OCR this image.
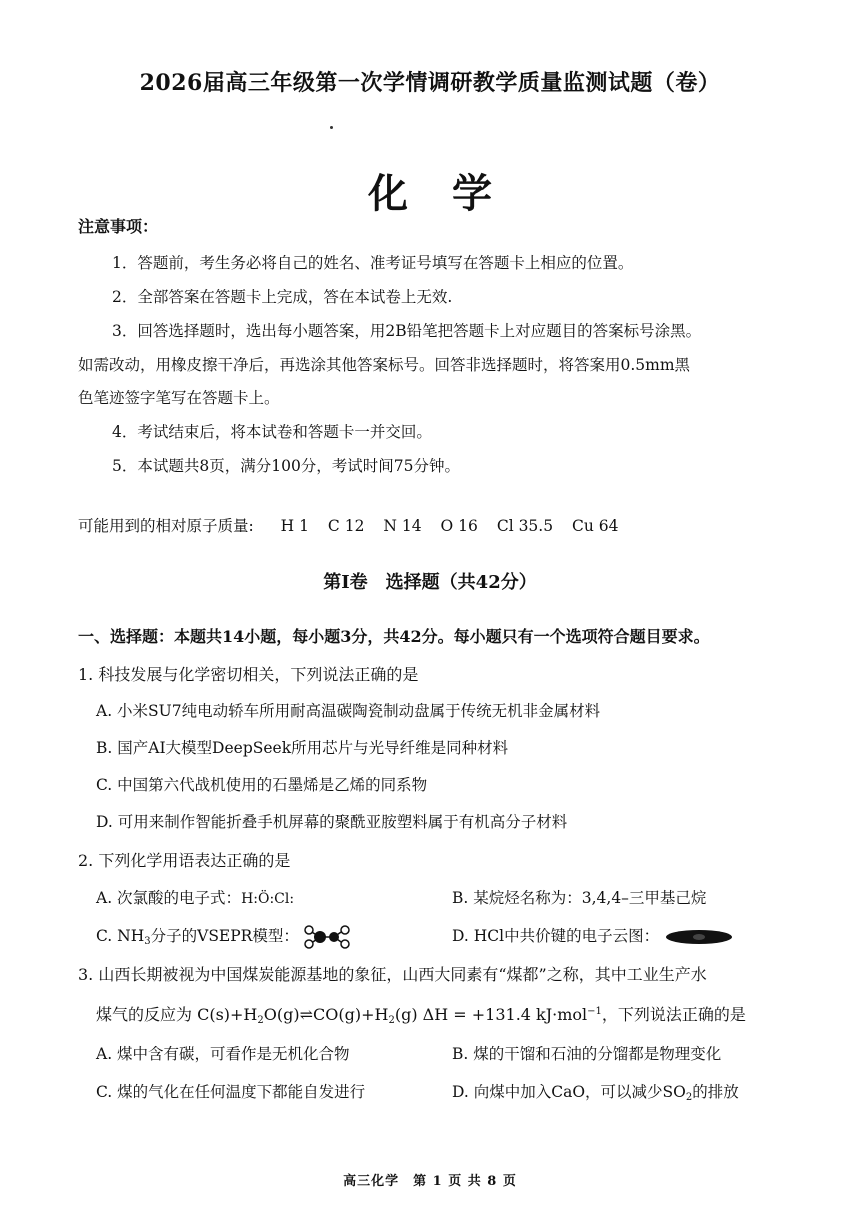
2026届高三年级第一次学情调研教学质量监测试题（卷）
化学
注意事项：
1．答题前，考生务必将自己的姓名、准考证号填写在答题卡上相应的位置。
2．全部答案在答题卡上完成，答在本试卷上无效.
3．回答选择题时，选出每小题答案，用2B铅笔把答题卡上对应题目的答案标号涂黑。
如需改动，用橡皮擦干净后，再选涂其他答案标号。回答非选择题时，将答案用0.5mm黑
色笔迹签字笔写在答题卡上。
4．考试结束后，将本试卷和答题卡一并交回。
5．本试题共8页，满分100分，考试时间75分钟。
可能用到的相对原子质量: H 1 C 12 N 14 O 16 Cl 35.5 Cu 64
第Ⅰ卷　选择题（共42分）
一、选择题：本题共14小题，每小题3分，共42分。每小题只有一个选项符合题目要求。
1. 科技发展与化学密切相关，下列说法正确的是
A. 小米SU7纯电动轿车所用耐高温碳陶瓷制动盘属于传统无机非金属材料
B. 国产AI大模型DeepSeek所用芯片与光导纤维是同种材料
C. 中国第六代战机使用的石墨烯是乙烯的同系物
D. 可用来制作智能折叠手机屏幕的聚酰亚胺塑料属于有机高分子材料
2. 下列化学用语表达正确的是
A. 次氯酸的电子式：H:Ö:Cl:	B. 某烷烃名称为：3,4,4–三甲基己烷
C. $NH_3$分子的VSEPR模型：	D. HCl中共价键的电子云图：
3. 山西长期被视为中国煤炭能源基地的象征，山西大同素有“煤都”之称，其中工业生产水
煤气的反应为 $C(s)+H_2O(g)\rightleftharpoons CO(g)+H_2(g) \Delta H = +131.4$ kJ·mol$^{-1}$，下列说法正确的是
A. 煤中含有碳，可看作是无机化合物	B. 煤的干馏和石油的分馏都是物理变化
C. 煤的气化在任何温度下都能自发进行	D. 向煤中加入CaO，可以减少$SO_2$的排放
高三化学　第 1 页 共 8 页
